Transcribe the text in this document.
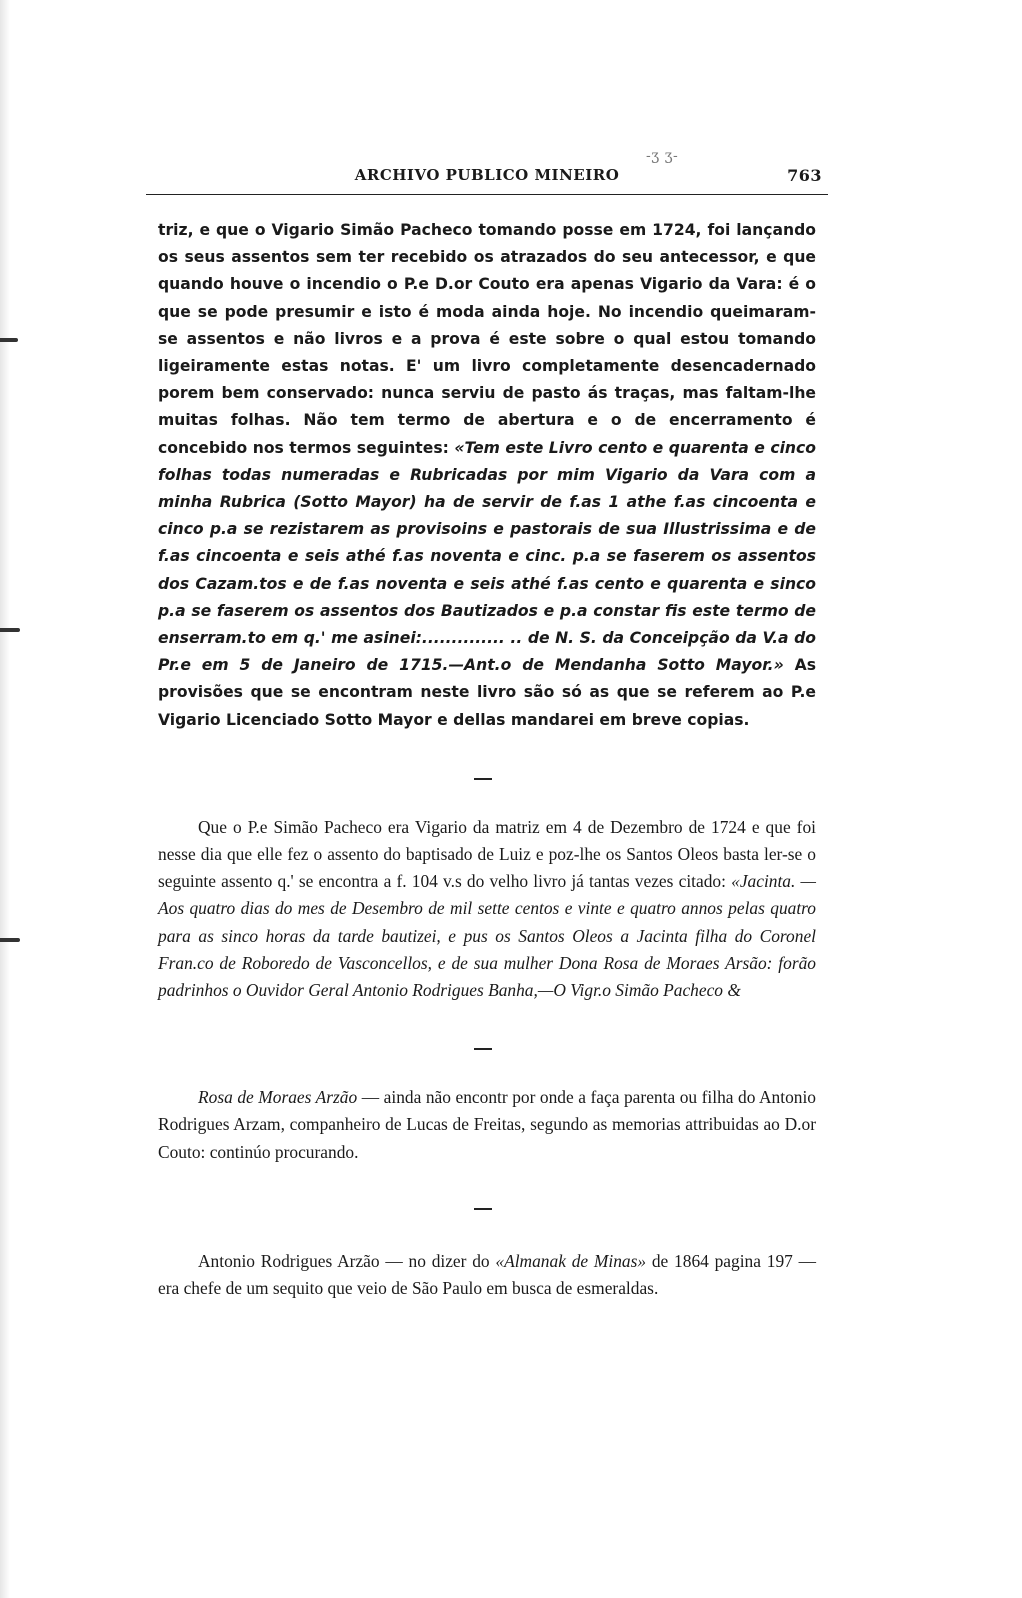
ARCHIVO PUBLICO MINEIRO
-ʒ ʒ-
763

triz, e que o Vigario Simão Pacheco tomando posse em 1724, foi lançando os seus assentos sem ter recebido os atrazados do seu antecessor, e que quando houve o incendio o P.e D.or Couto era apenas Vigario da Vara: é o que se pode presumir e isto é moda ainda hoje. No incendio queimaram-se assentos e não livros e a prova é este sobre o qual estou tomando ligeiramente estas notas. E' um livro completamente desencadernado porem bem conservado: nunca serviu de pasto ás traças, mas faltam-lhe muitas folhas. Não tem termo de abertura e o de encerramento é concebido nos termos seguintes: «Tem este Livro cento e quarenta e cinco folhas todas numeradas e Rubricadas por mim Vigario da Vara com a minha Rubrica (Sotto Mayor) ha de servir de f.as 1 athe f.as cincoenta e cinco p.a se rezistarem as provisoins e pastorais de sua Illustrissima e de f.as cincoenta e seis athé f.as noventa e cinc. p.a se faserem os assentos dos Cazam.tos e de f.as noventa e seis athé f.as cento e quarenta e sinco p.a se faserem os assentos dos Bautizados e p.a constar fis este termo de enserram.to em q.' me asinei:.............. .. de N. S. da Conceipção da V.a do Pr.e em 5 de Janeiro de 1715.—Ant.o de Mendanha Sotto Mayor.» As provisões que se encontram neste livro são só as que se referem ao P.e Vigario Licenciado Sotto Mayor e dellas mandarei em breve copias.

Que o P.e Simão Pacheco era Vigario da matriz em 4 de Dezembro de 1724 e que foi nesse dia que elle fez o assento do baptisado de Luiz e poz-lhe os Santos Oleos basta ler-se o seguinte assento q.' se encontra a f. 104 v.s do velho livro já tantas vezes citado: «Jacinta. — Aos quatro dias do mes de Desembro de mil sette centos e vinte e quatro annos pelas quatro para as sinco horas da tarde bautizei, e pus os Santos Oleos a Jacinta filha do Coronel Fran.co de Roboredo de Vasconcellos, e de sua mulher Dona Rosa de Moraes Arsão: forão padrinhos o Ouvidor Geral Antonio Rodrigues Banha,—O Vigr.o Simão Pacheco &

Rosa de Moraes Arzão — ainda não encontr por onde a faça parenta ou filha do Antonio Rodrigues Arzam, companheiro de Lucas de Freitas, segundo as memorias attribuidas ao D.or Couto: continúo procurando.

Antonio Rodrigues Arzão — no dizer do «Almanak de Minas» de 1864 pagina 197 — era chefe de um sequito que veio de São Paulo em busca de esmeraldas.
